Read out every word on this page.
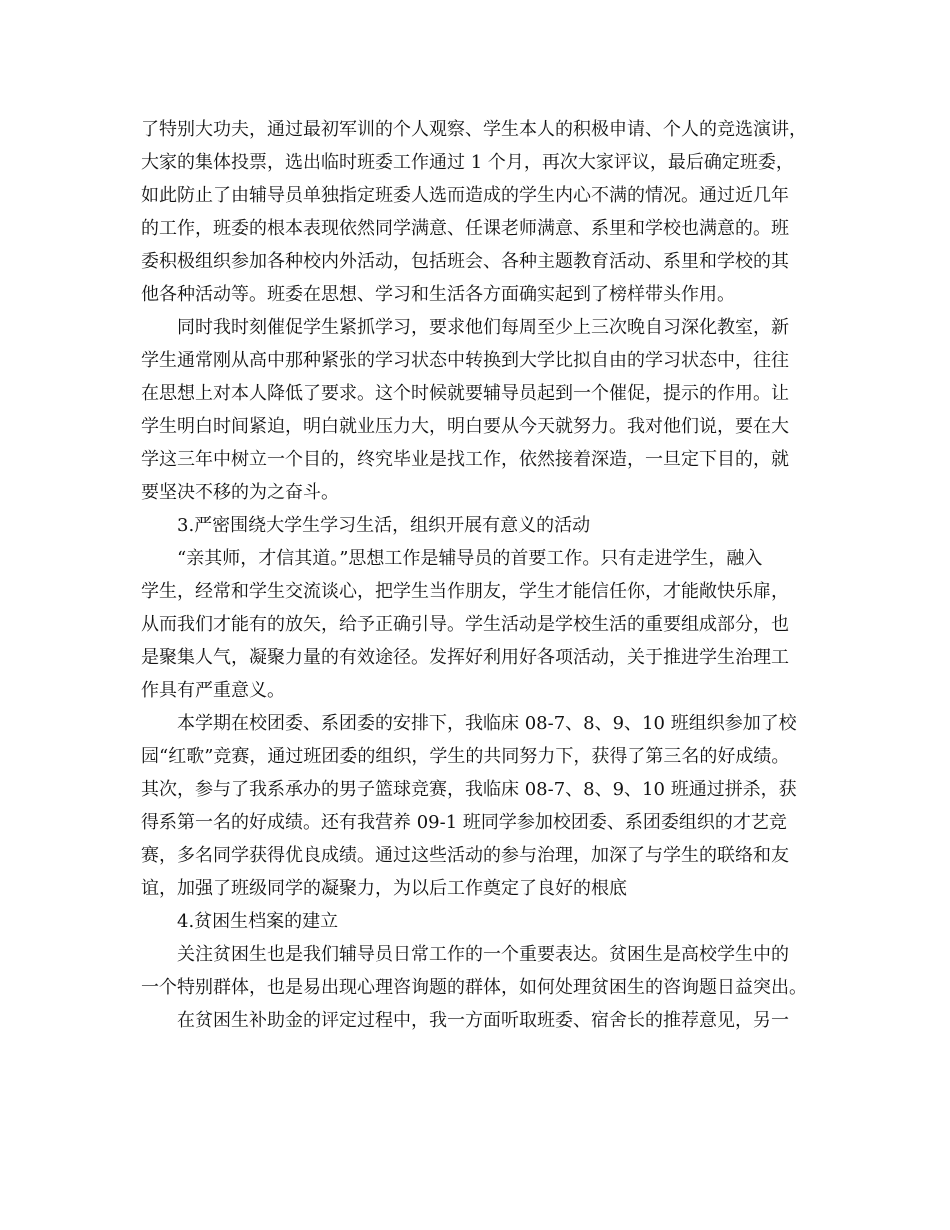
了特别大功夫，通过最初军训的个人观察、学生本人的积极申请、个人的竞选演讲，
大家的集体投票，选出临时班委工作通过 1 个月，再次大家评议，最后确定班委，
如此防止了由辅导员单独指定班委人选而造成的学生内心不满的情况。通过近几年
的工作，班委的根本表现依然同学满意、任课老师满意、系里和学校也满意的。班
委积极组织参加各种校内外活动，包括班会、各种主题教育活动、系里和学校的其
他各种活动等。班委在思想、学习和生活各方面确实起到了榜样带头作用。
同时我时刻催促学生紧抓学习，要求他们每周至少上三次晚自习深化教室，新
学生通常刚从高中那种紧张的学习状态中转换到大学比拟自由的学习状态中，往往
在思想上对本人降低了要求。这个时候就要辅导员起到一个催促，提示的作用。让
学生明白时间紧迫，明白就业压力大，明白要从今天就努力。我对他们说，要在大
学这三年中树立一个目的，终究毕业是找工作，依然接着深造，一旦定下目的，就
要坚决不移的为之奋斗。
3.严密围绕大学生学习生活，组织开展有意义的活动
“亲其师，才信其道。”思想工作是辅导员的首要工作。只有走进学生，融入
学生，经常和学生交流谈心，把学生当作朋友，学生才能信任你，才能敞快乐扉，
从而我们才能有的放矢，给予正确引导。学生活动是学校生活的重要组成部分，也
是聚集人气，凝聚力量的有效途径。发挥好利用好各项活动，关于推进学生治理工
作具有严重意义。
本学期在校团委、系团委的安排下，我临床 08-7、8、9、10 班组织参加了校
园“红歌”竞赛，通过班团委的组织，学生的共同努力下，获得了第三名的好成绩。
其次，参与了我系承办的男子篮球竞赛，我临床 08-7、8、9、10 班通过拼杀，获
得系第一名的好成绩。还有我营养 09-1 班同学参加校团委、系团委组织的才艺竞
赛，多名同学获得优良成绩。通过这些活动的参与治理，加深了与学生的联络和友
谊，加强了班级同学的凝聚力，为以后工作奠定了良好的根底
4.贫困生档案的建立
关注贫困生也是我们辅导员日常工作的一个重要表达。贫困生是高校学生中的
一个特别群体，也是易出现心理咨询题的群体，如何处理贫困生的咨询题日益突出。
在贫困生补助金的评定过程中，我一方面听取班委、宿舍长的推荐意见，另一
